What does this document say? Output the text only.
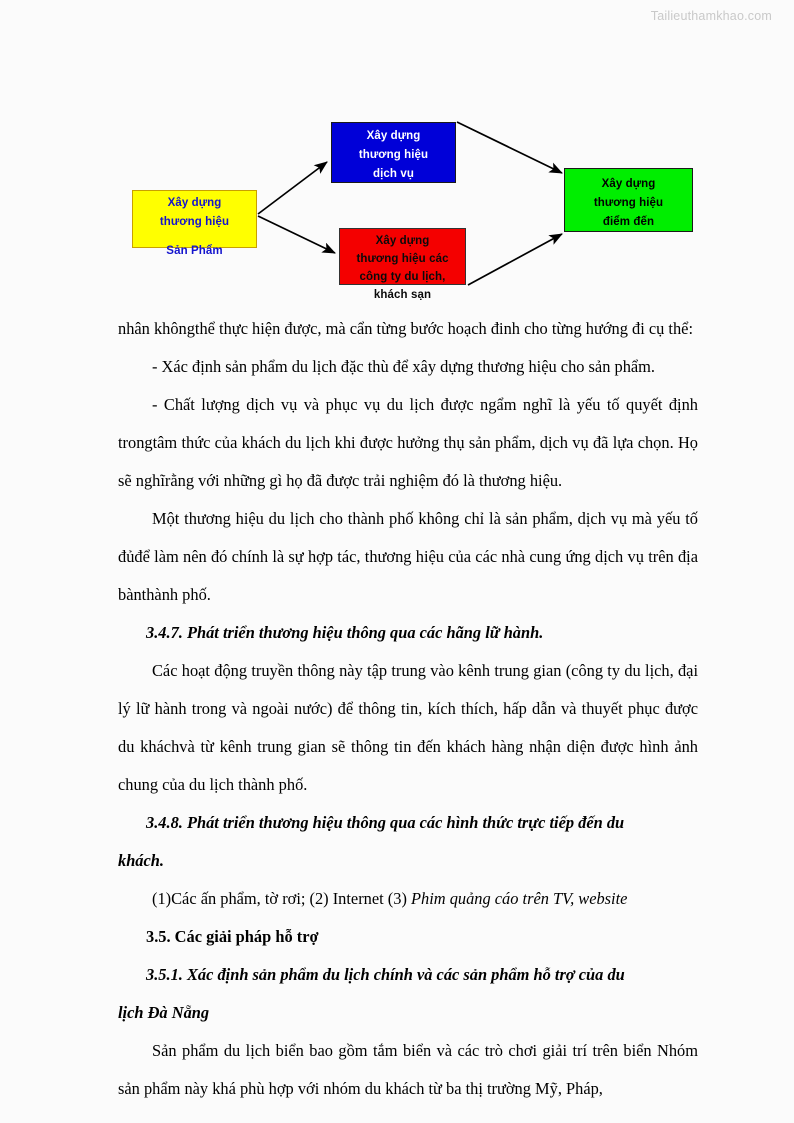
Tailieuthamkhao.com
Xây dựng
thương hiệu
Sản Phẩm
Xây dựng
thương hiệu
dịch vụ
Xây dựng
thương hiệu các
công ty du lịch,
khách sạn
Xây dựng
thương hiệu
điểm đến

nhân khôngthể thực hiện được, mà cẩn từng bước hoạch đinh cho từng hướng đi cụ thể:

- Xác định sản phẩm du lịch đặc thù để xây dựng thương hiệu cho sản phẩm.

- Chất lượng dịch vụ và phục vụ du lịch được ngẩm nghĩ là yếu tố quyết định trongtâm thức của khách du lịch khi được hưởng thụ sản phẩm, dịch vụ đã lựa chọn. Họ sẽ nghĩrằng với những gì họ đã được trải nghiệm đó là thương hiệu.

Một thương hiệu du lịch cho thành phố không chỉ là sản phẩm, dịch vụ mà yếu tố đủđể làm nên đó chính là sự hợp tác, thương hiệu của các nhà cung ứng dịch vụ trên địa bànthành phố.

3.4.7. Phát triển thương hiệu thông qua các hãng lữ hành.

Các hoạt động truyền thông này tập trung vào kênh trung gian (công ty du lịch, đại lý lữ hành trong và ngoài nước) để thông tin, kích thích, hấp dẫn và thuyết phục được du kháchvà từ kênh trung gian sẽ thông tin đến khách hàng nhận diện được hình ảnh chung của du lịch thành phố.

3.4.8. Phát triển thương hiệu thông qua các hình thức trực tiếp đến du

khách.

(1)Các ấn phẩm, tờ rơi; (2) Internet (3) Phim quảng cáo trên TV, website

3.5. Các giải pháp hỗ trợ

3.5.1. Xác định sản phẩm du lịch chính và các sản phẩm hỗ trợ của du

lịch Đà Nẵng

Sản phẩm du lịch biển bao gồm tắm biển và các trò chơi giải trí trên biển Nhóm sản phẩm này khá phù hợp với nhóm du khách từ ba thị trường Mỹ, Pháp,
